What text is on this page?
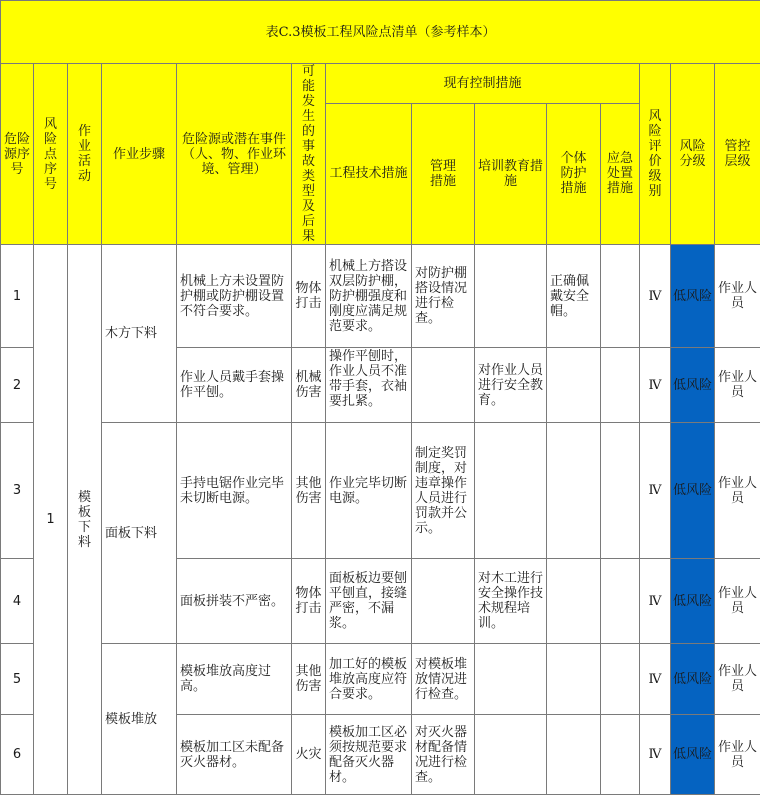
表C.3模板工程风险点清单（参考样本）													
危险源序号	风险点序号	作业活动	作业步骤	危险源或潜在事件（人、物、作业环境、管理）	可能发生的事故类型及后果	现有控制措施					风险评价级别	风险分级	管控层级
						工程技术措施	管理措施	培训教育措施	个体防护措施	应急处置措施			
1	1	模板下料	木方下料	机械上方未设置防护棚或防护棚设置不符合要求。	物体打击	机械上方搭设双层防护棚，防护棚强度和刚度应满足规范要求。	对防护棚搭设情况进行检查。		正确佩戴安全帽。		Ⅳ	低风险	作业人员
2				作业人员戴手套操作平刨。	机械伤害	操作平刨时，作业人员不准带手套，衣袖要扎紧。		对作业人员进行安全教育。			Ⅳ	低风险	作业人员
3			面板下料	手持电锯作业完毕未切断电源。	其他伤害	作业完毕切断电源。	制定奖罚制度，对违章操作人员进行罚款并公示。				Ⅳ	低风险	作业人员
4				面板拼装不严密。	物体打击	面板板边要刨平刨直，接缝严密，不漏浆。		对木工进行安全操作技术规程培训。			Ⅳ	低风险	作业人员
5			模板堆放	模板堆放高度过高。	其他伤害	加工好的模板堆放高度应符合要求。	对模板堆放情况进行检查。				Ⅳ	低风险	作业人员
6				模板加工区未配备灭火器材。	火灾	模板加工区必须按规范要求配备灭火器材。	对灭火器材配备情况进行检查。				Ⅳ	低风险	作业人员
